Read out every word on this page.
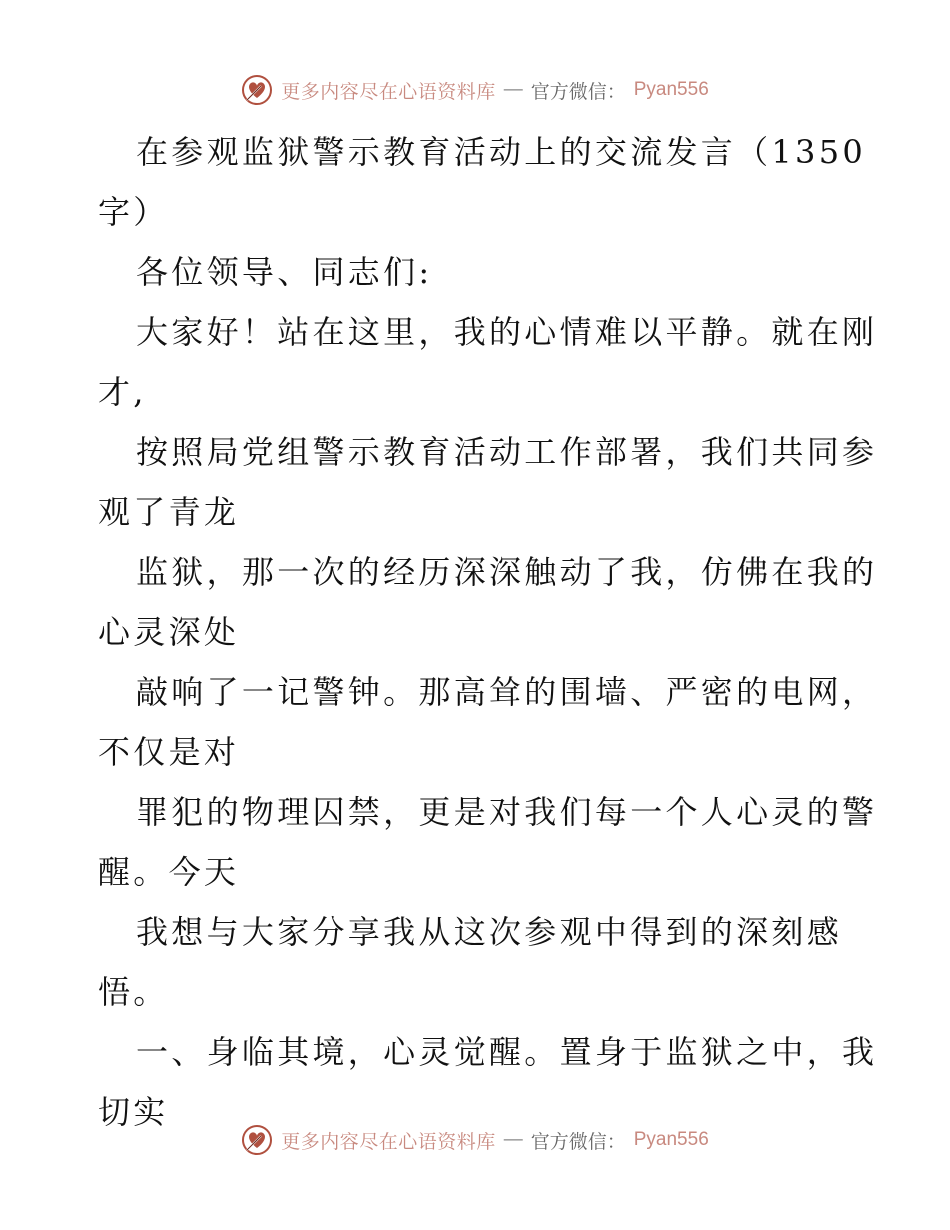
更多内容尽在心语资料库 — 官方微信： Pyan556
在参观监狱警示教育活动上的交流发言（1350
字）
各位领导、同志们:
大家好！站在这里，我的心情难以平静。就在刚
才,
按照局党组警示教育活动工作部署，我们共同参
观了青龙
监狱，那一次的经历深深触动了我，仿佛在我的
心灵深处
敲响了一记警钟。那高耸的围墙、严密的电网，
不仅是对
罪犯的物理囚禁，更是对我们每一个人心灵的警
醒。今天
我想与大家分享我从这次参观中得到的深刻感
悟。
一、身临其境，心灵觉醒。置身于监狱之中，我
切实
更多内容尽在心语资料库 — 官方微信： Pyan556
